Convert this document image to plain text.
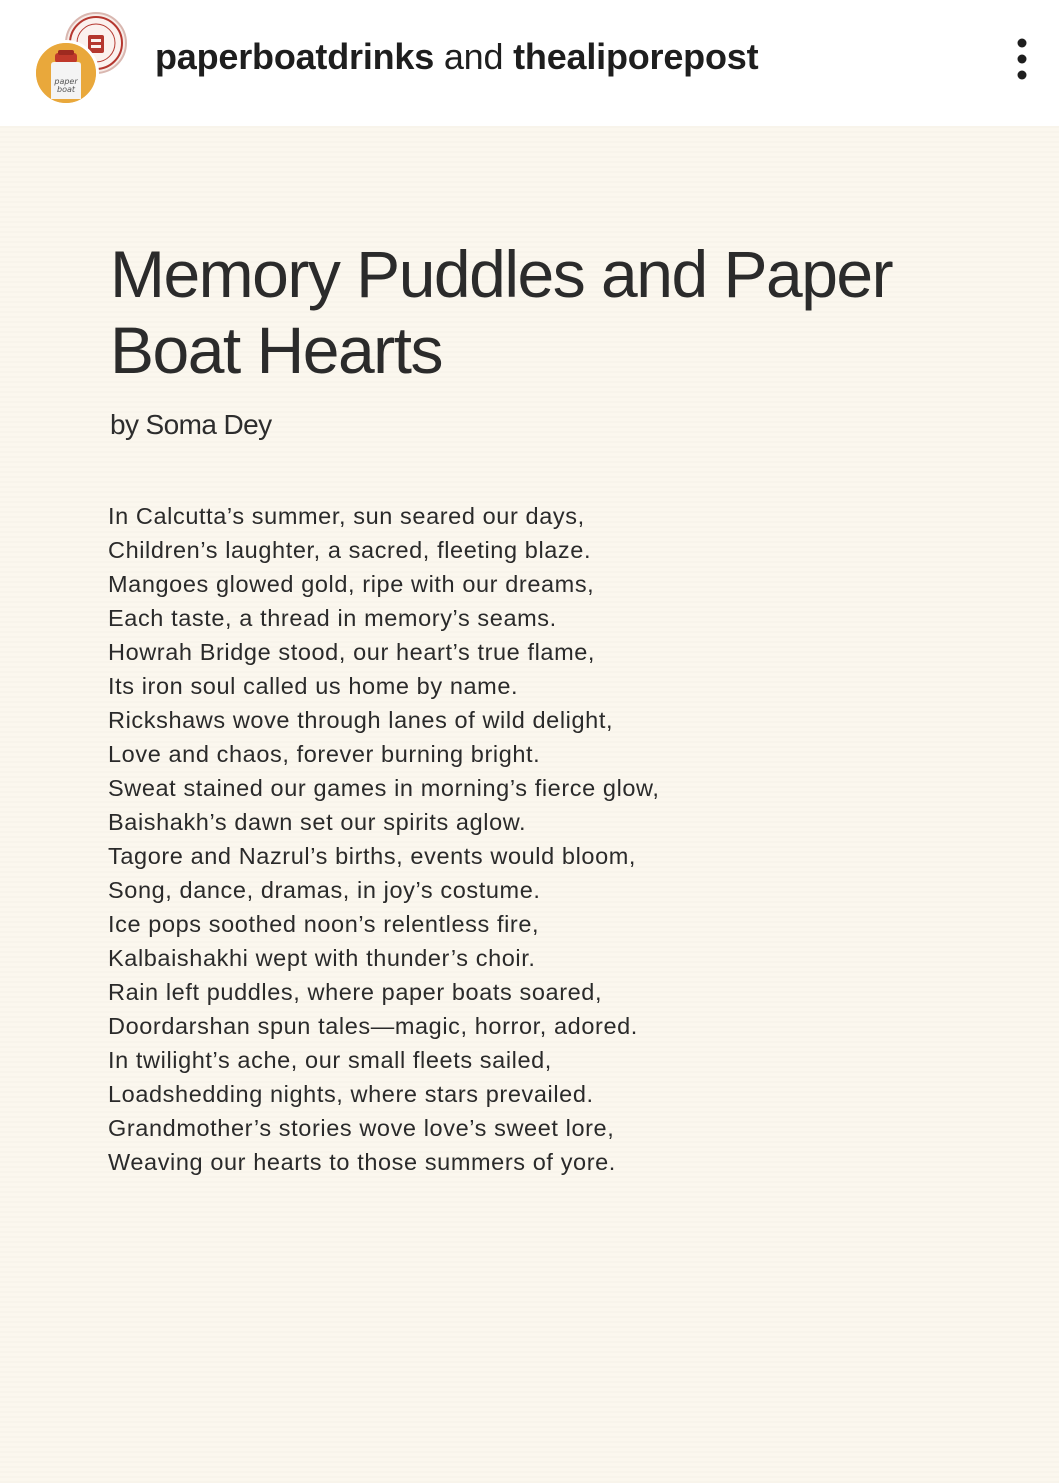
paper
boat
paperboatdrinks and thealiporepost
Memory Puddles and Paper Boat Hearts
by Soma Dey
In Calcutta’s summer, sun seared our days,
Children’s laughter, a sacred, fleeting blaze.
Mangoes glowed gold, ripe with our dreams,
Each taste, a thread in memory’s seams.
Howrah Bridge stood, our heart’s true flame,
Its iron soul called us home by name.
Rickshaws wove through lanes of wild delight,
Love and chaos, forever burning bright.
Sweat stained our games in morning’s fierce glow,
Baishakh’s dawn set our spirits aglow.
Tagore and Nazrul’s births, events would bloom,
Song, dance, dramas, in joy’s costume.
Ice pops soothed noon’s relentless fire,
Kalbaishakhi wept with thunder’s choir.
Rain left puddles, where paper boats soared,
Doordarshan spun tales—magic, horror, adored.
In twilight’s ache, our small fleets sailed,
Loadshedding nights, where stars prevailed.
Grandmother’s stories wove love’s sweet lore,
Weaving our hearts to those summers of yore.
